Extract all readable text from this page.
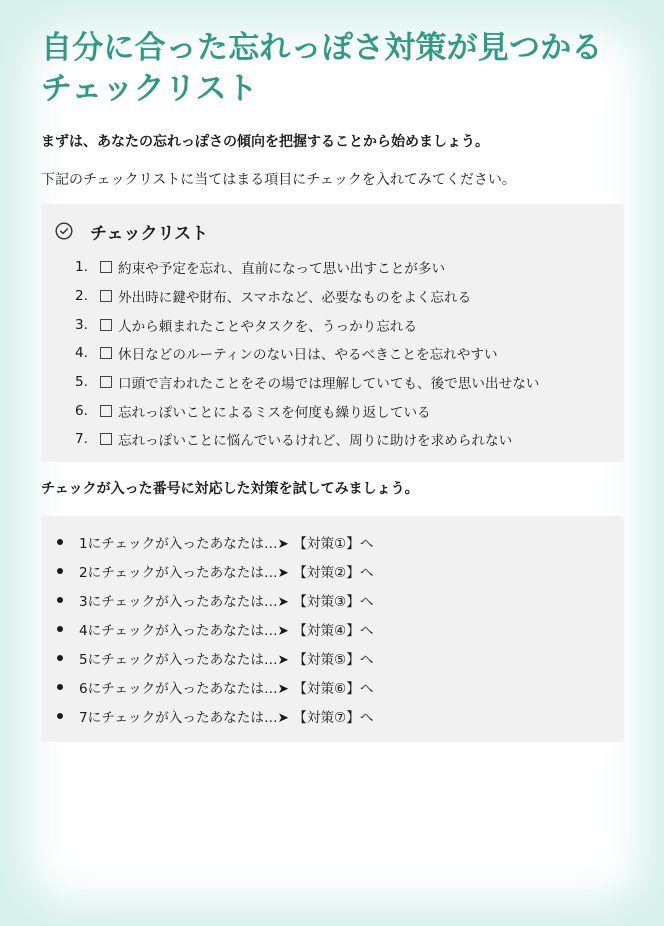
自分に合った忘れっぽさ対策が見つかるチェックリスト

まずは、あなたの忘れっぽさの傾向を把握することから始めましょう。

下記のチェックリストに当てはまる項目にチェックを入れてみてください。

チェックリスト
1.	約束や予定を忘れ、直前になって思い出すことが多い
2.	外出時に鍵や財布、スマホなど、必要なものをよく忘れる
3.	人から頼まれたことやタスクを、うっかり忘れる
4.	休日などのルーティンのない日は、やるべきことを忘れやすい
5.	口頭で言われたことをその場では理解していても、後で思い出せない
6.	忘れっぽいことによるミスを何度も繰り返している
7.	忘れっぽいことに悩んでいるけれど、周りに助けを求められない

チェックが入った番号に対応した対策を試してみましょう。

1にチェックが入ったあなたは…➤ 【対策①】へ
2にチェックが入ったあなたは…➤ 【対策②】へ
3にチェックが入ったあなたは…➤ 【対策③】へ
4にチェックが入ったあなたは…➤ 【対策④】へ
5にチェックが入ったあなたは…➤ 【対策⑤】へ
6にチェックが入ったあなたは…➤ 【対策⑥】へ
7にチェックが入ったあなたは…➤ 【対策⑦】へ
